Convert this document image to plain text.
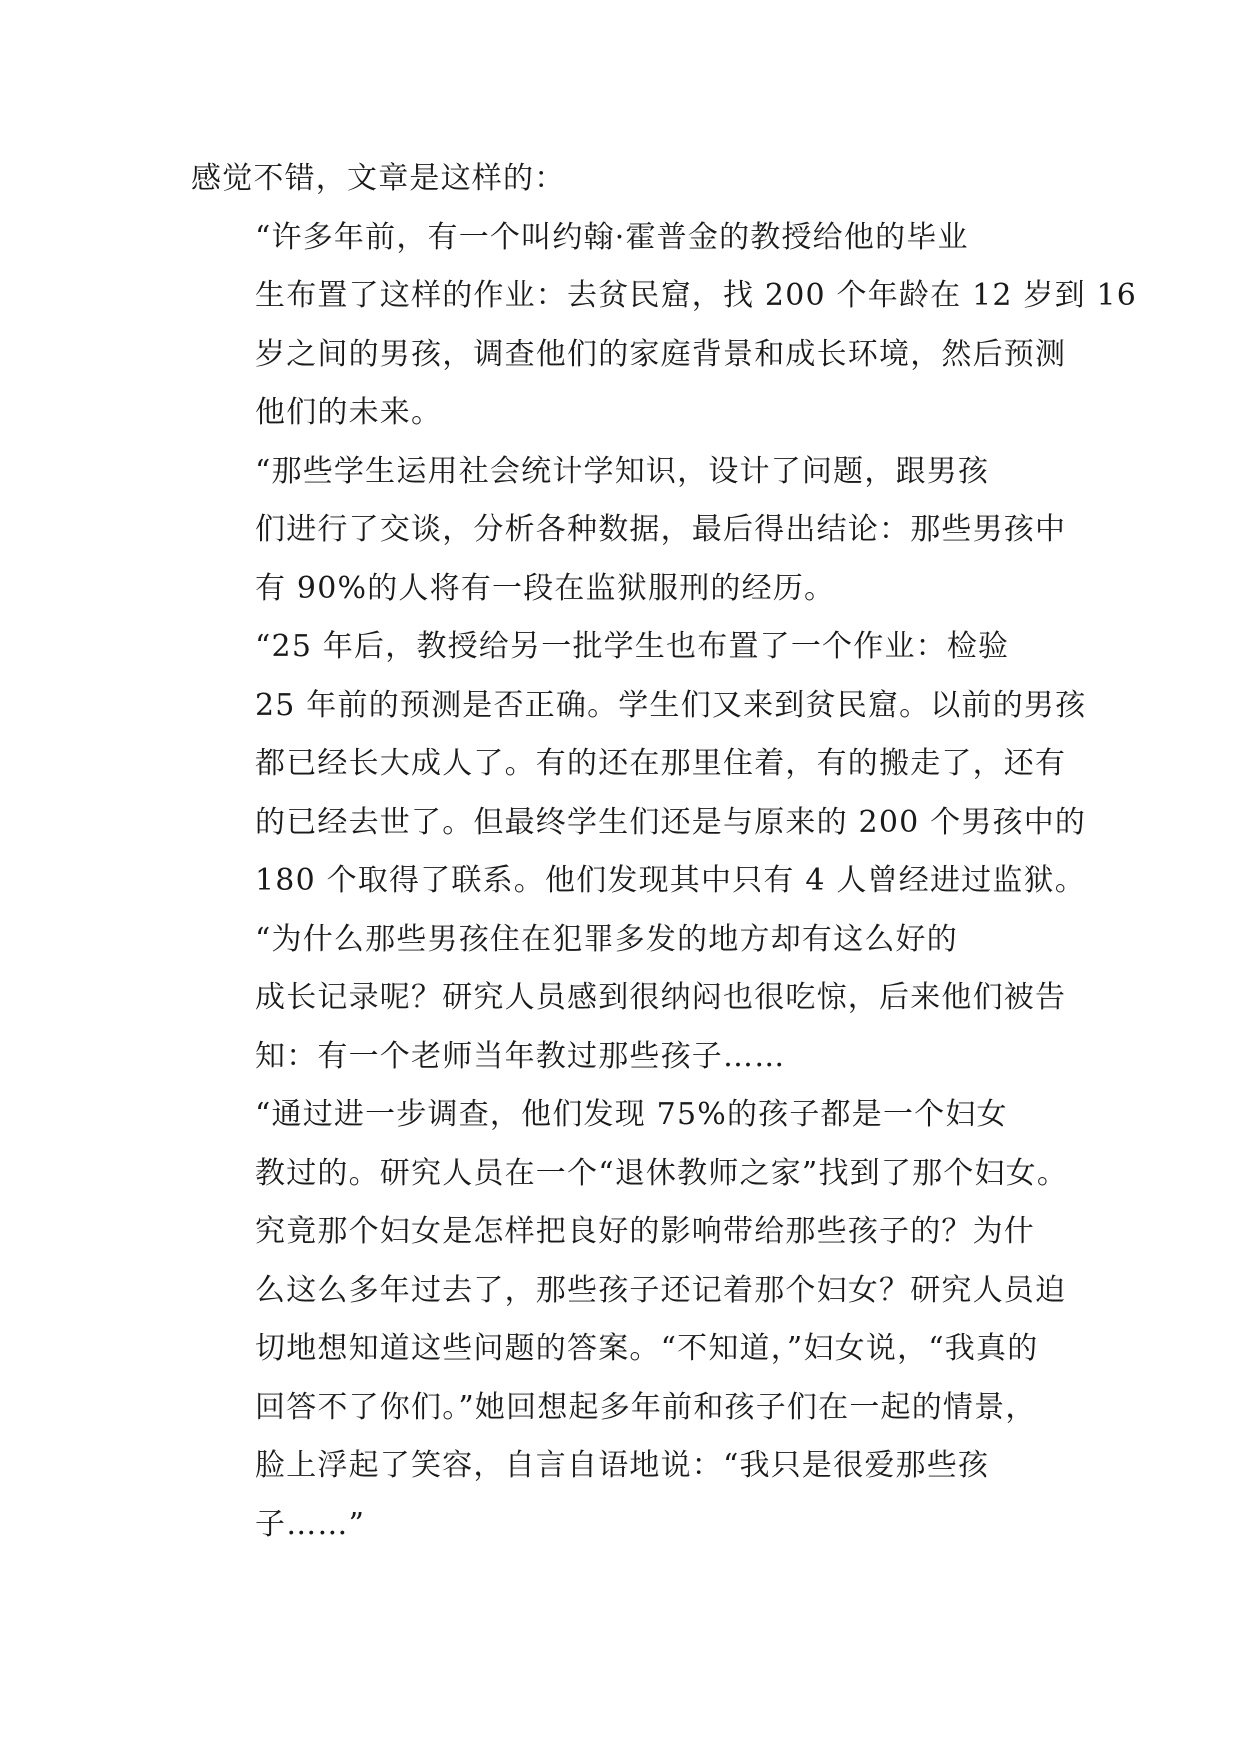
感觉不错，文章是这样的：

“许多年前，有一个叫约翰·霍普金的教授给他的毕业
生布置了这样的作业：去贫民窟，找 200 个年龄在 12 岁到 16
岁之间的男孩，调查他们的家庭背景和成长环境，然后预测
他们的未来。

“那些学生运用社会统计学知识，设计了问题，跟男孩
们进行了交谈，分析各种数据，最后得出结论：那些男孩中
有 90%的人将有一段在监狱服刑的经历。

“25 年后，教授给另一批学生也布置了一个作业：检验
25 年前的预测是否正确。学生们又来到贫民窟。以前的男孩
都已经长大成人了。有的还在那里住着，有的搬走了，还有
的已经去世了。但最终学生们还是与原来的 200 个男孩中的
180 个取得了联系。他们发现其中只有 4 人曾经进过监狱。

“为什么那些男孩住在犯罪多发的地方却有这么好的
成长记录呢？研究人员感到很纳闷也很吃惊，后来他们被告
知：有一个老师当年教过那些孩子……

“通过进一步调查，他们发现 75%的孩子都是一个妇女
教过的。研究人员在一个“退休教师之家”找到了那个妇女。
究竟那个妇女是怎样把良好的影响带给那些孩子的？为什
么这么多年过去了，那些孩子还记着那个妇女？研究人员迫
切地想知道这些问题的答案。“不知道，”妇女说，“我真的
回答不了你们。”她回想起多年前和孩子们在一起的情景，
脸上浮起了笑容，自言自语地说：“我只是很爱那些孩
子……”
